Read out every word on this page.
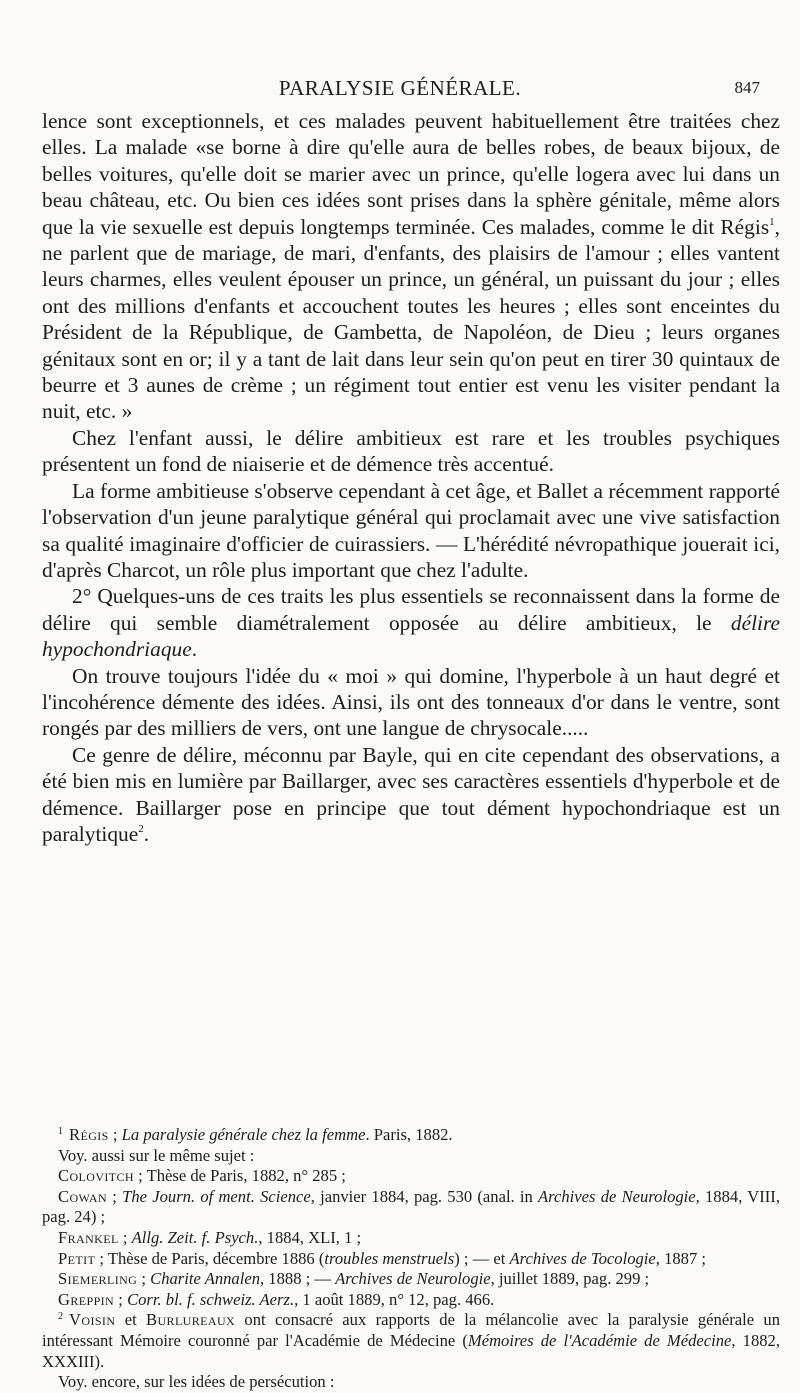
PARALYSIE GÉNÉRALE.	847

lence sont exceptionnels, et ces malades peuvent habituellement être traitées chez elles. La malade «se borne à dire qu'elle aura de belles robes, de beaux bijoux, de belles voitures, qu'elle doit se marier avec un prince, qu'elle logera avec lui dans un beau château, etc. Ou bien ces idées sont prises dans la sphère génitale, même alors que la vie sexuelle est depuis longtemps terminée. Ces malades, comme le dit Régis$^1$, ne parlent que de mariage, de mari, d'enfants, des plaisirs de l'amour ; elles vantent leurs charmes, elles veulent épouser un prince, un général, un puissant du jour ; elles ont des millions d'enfants et accouchent toutes les heures ; elles sont enceintes du Président de la République, de Gambetta, de Napoléon, de Dieu ; leurs organes génitaux sont en or; il y a tant de lait dans leur sein qu'on peut en tirer 30 quintaux de beurre et 3 aunes de crème ; un régiment tout entier est venu les visiter pendant la nuit, etc. »

Chez l'enfant aussi, le délire ambitieux est rare et les troubles psychiques présentent un fond de niaiserie et de démence très accentué.

La forme ambitieuse s'observe cependant à cet âge, et Ballet a récemment rapporté l'observation d'un jeune paralytique général qui proclamait avec une vive satisfaction sa qualité imaginaire d'officier de cuirassiers. — L'hérédité névropathique jouerait ici, d'après Charcot, un rôle plus important que chez l'adulte.

2° Quelques-uns de ces traits les plus essentiels se reconnaissent dans la forme de délire qui semble diamétralement opposée au délire ambitieux, le délire hypochondriaque.

On trouve toujours l'idée du « moi » qui domine, l'hyperbole à un haut degré et l'incohérence démente des idées. Ainsi, ils ont des tonneaux d'or dans le ventre, sont rongés par des milliers de vers, ont une langue de chrysocale.....

Ce genre de délire, méconnu par Bayle, qui en cite cependant des observations, a été bien mis en lumière par Baillarger, avec ses caractères essentiels d'hyperbole et de démence. Baillarger pose en principe que tout dément hypochondriaque est un paralytique$^2$.

$^1$ Régis ; La paralysie générale chez la femme. Paris, 1882.

Voy. aussi sur le même sujet :

Colovitch ; Thèse de Paris, 1882, n° 285 ;

Cowan ; The Journ. of ment. Science, janvier 1884, pag. 530 (anal. in Archives de Neurologie, 1884, VIII, pag. 24) ;

Frankel ; Allg. Zeit. f. Psych., 1884, XLI, 1 ;

Petit ; Thèse de Paris, décembre 1886 (troubles menstruels) ; — et Archives de Tocologie, 1887 ;

Siemerling ; Charite Annalen, 1888 ; — Archives de Neurologie, juillet 1889, pag. 299 ;

Greppin ; Corr. bl. f. schweiz. Aerz., 1 août 1889, n° 12, pag. 466.

$^2$ Voisin et Burlureaux ont consacré aux rapports de la mélancolie avec la paralysie générale un intéressant Mémoire couronné par l'Académie de Médecine (Mémoires de l'Académie de Médecine, 1882, XXXIII).

Voy. encore, sur les idées de persécution :
